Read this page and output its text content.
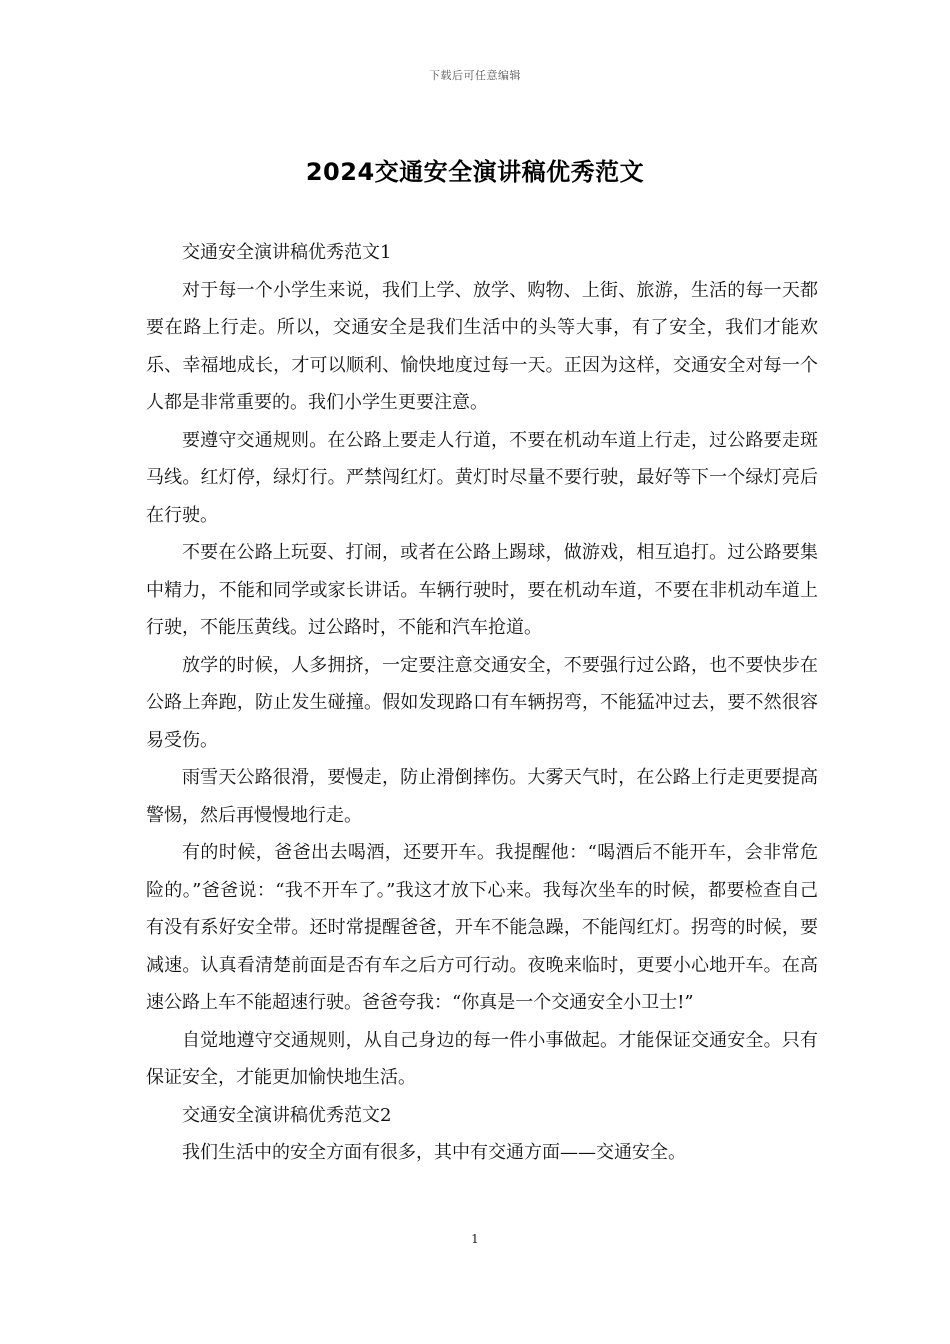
下载后可任意编辑
2024交通安全演讲稿优秀范文

交通安全演讲稿优秀范文1

对于每一个小学生来说，我们上学、放学、购物、上街、旅游，生活的每一天都要在路上行走。所以，交通安全是我们生活中的头等大事，有了安全，我们才能欢乐、幸福地成长，才可以顺利、愉快地度过每一天。正因为这样，交通安全对每一个人都是非常重要的。我们小学生更要注意。

要遵守交通规则。在公路上要走人行道，不要在机动车道上行走，过公路要走斑马线。红灯停，绿灯行。严禁闯红灯。黄灯时尽量不要行驶，最好等下一个绿灯亮后在行驶。

不要在公路上玩耍、打闹，或者在公路上踢球，做游戏，相互追打。过公路要集中精力，不能和同学或家长讲话。车辆行驶时，要在机动车道，不要在非机动车道上行驶，不能压黄线。过公路时，不能和汽车抢道。

放学的时候，人多拥挤，一定要注意交通安全，不要强行过公路，也不要快步在公路上奔跑，防止发生碰撞。假如发现路口有车辆拐弯，不能猛冲过去，要不然很容易受伤。

雨雪天公路很滑，要慢走，防止滑倒摔伤。大雾天气时，在公路上行走更要提高警惕，然后再慢慢地行走。

有的时候，爸爸出去喝酒，还要开车。我提醒他：“喝酒后不能开车，会非常危险的。”爸爸说：“我不开车了。”我这才放下心来。我每次坐车的时候，都要检查自己有没有系好安全带。还时常提醒爸爸，开车不能急躁，不能闯红灯。拐弯的时候，要减速。认真看清楚前面是否有车之后方可行动。夜晚来临时，更要小心地开车。在高速公路上车不能超速行驶。爸爸夸我：“你真是一个交通安全小卫士!”

自觉地遵守交通规则，从自己身边的每一件小事做起。才能保证交通安全。只有保证安全，才能更加愉快地生活。

交通安全演讲稿优秀范文2

我们生活中的安全方面有很多，其中有交通方面——交通安全。

1
